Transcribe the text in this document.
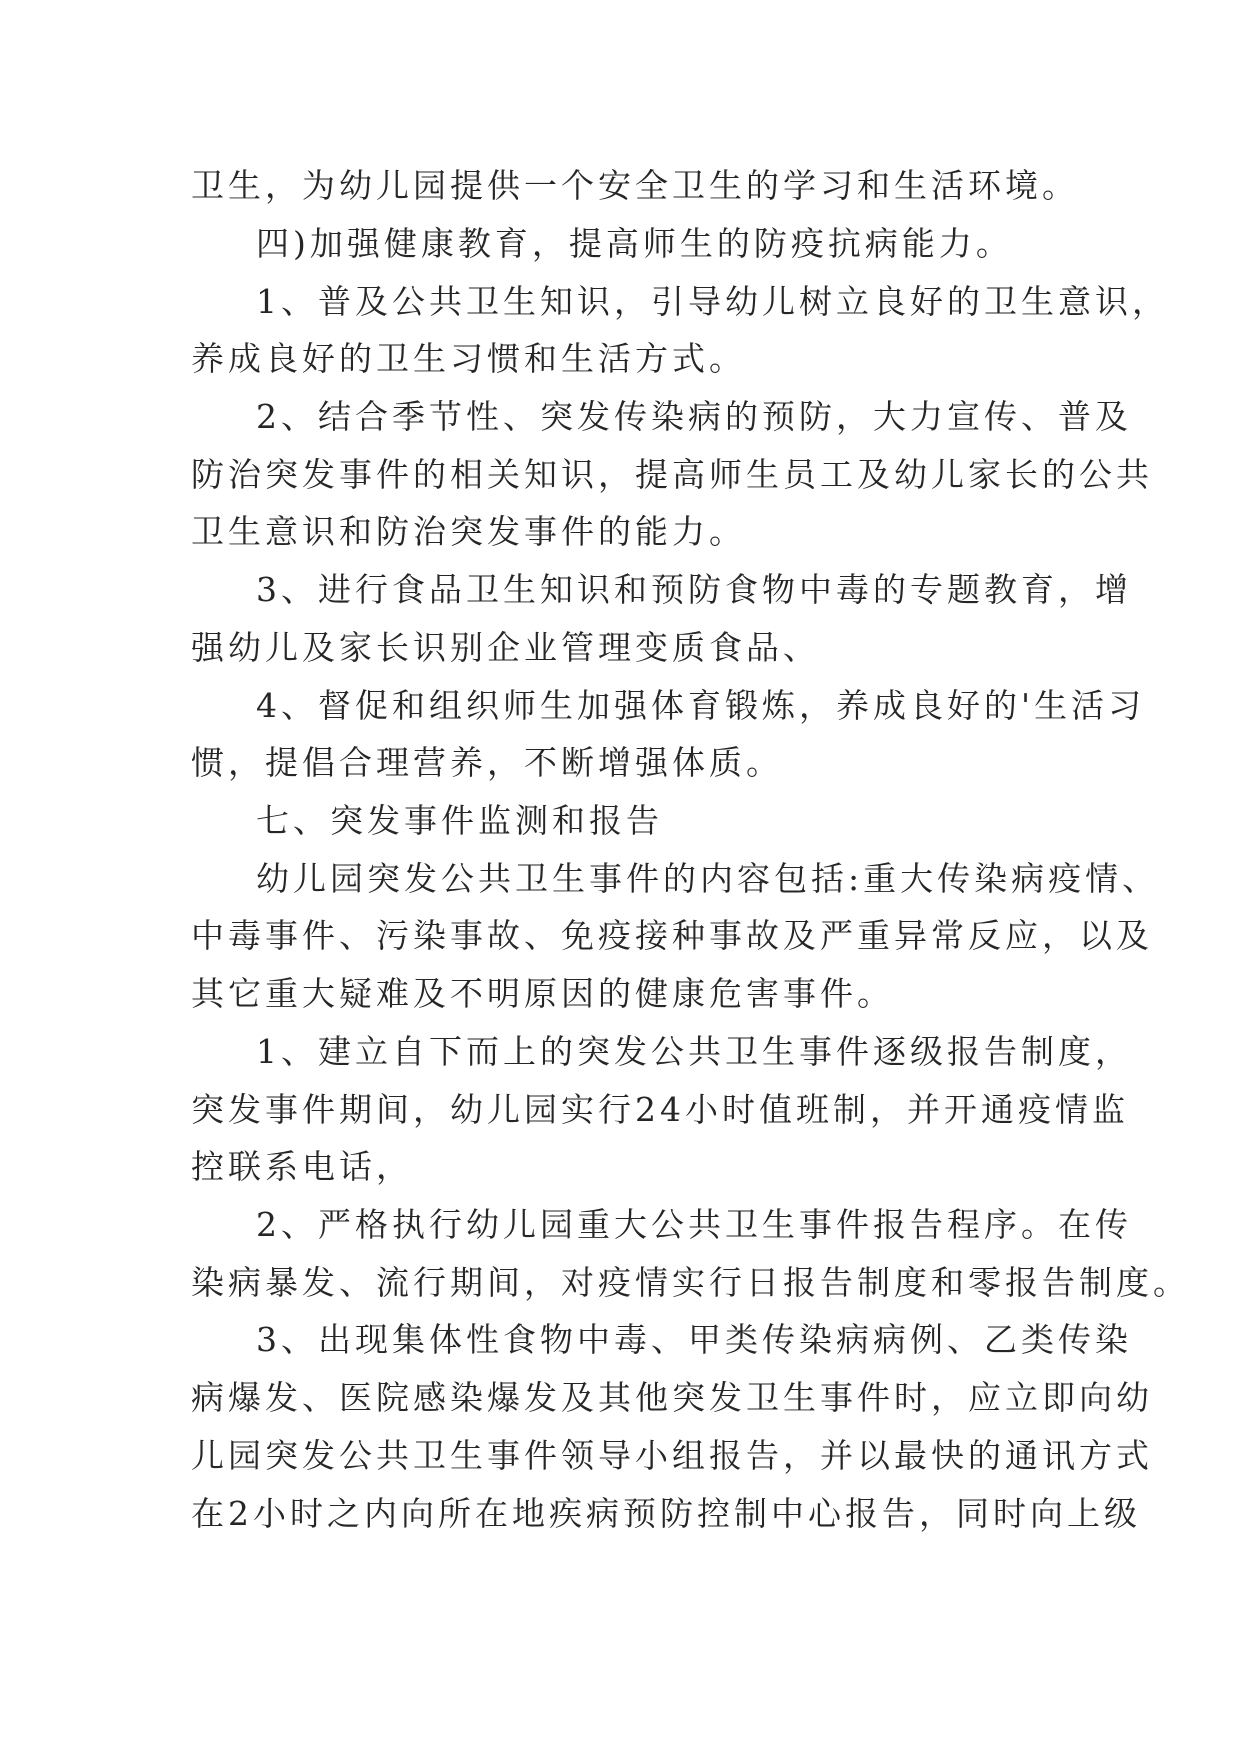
卫生，为幼儿园提供一个安全卫生的学习和生活环境。
四)加强健康教育，提高师生的防疫抗病能力。
1、普及公共卫生知识，引导幼儿树立良好的卫生意识，
养成良好的卫生习惯和生活方式。
2、结合季节性、突发传染病的预防，大力宣传、普及
防治突发事件的相关知识，提高师生员工及幼儿家长的公共
卫生意识和防治突发事件的能力。
3、进行食品卫生知识和预防食物中毒的专题教育，增
强幼儿及家长识别企业管理变质食品、
4、督促和组织师生加强体育锻炼，养成良好的'生活习
惯，提倡合理营养，不断增强体质。
七、突发事件监测和报告
幼儿园突发公共卫生事件的内容包括:重大传染病疫情、
中毒事件、污染事故、免疫接种事故及严重异常反应，以及
其它重大疑难及不明原因的健康危害事件。
1、建立自下而上的突发公共卫生事件逐级报告制度，
突发事件期间，幼儿园实行24小时值班制，并开通疫情监
控联系电话，
2、严格执行幼儿园重大公共卫生事件报告程序。在传
染病暴发、流行期间，对疫情实行日报告制度和零报告制度。
3、出现集体性食物中毒、甲类传染病病例、乙类传染
病爆发、医院感染爆发及其他突发卫生事件时，应立即向幼
儿园突发公共卫生事件领导小组报告，并以最快的通讯方式
在2小时之内向所在地疾病预防控制中心报告，同时向上级
